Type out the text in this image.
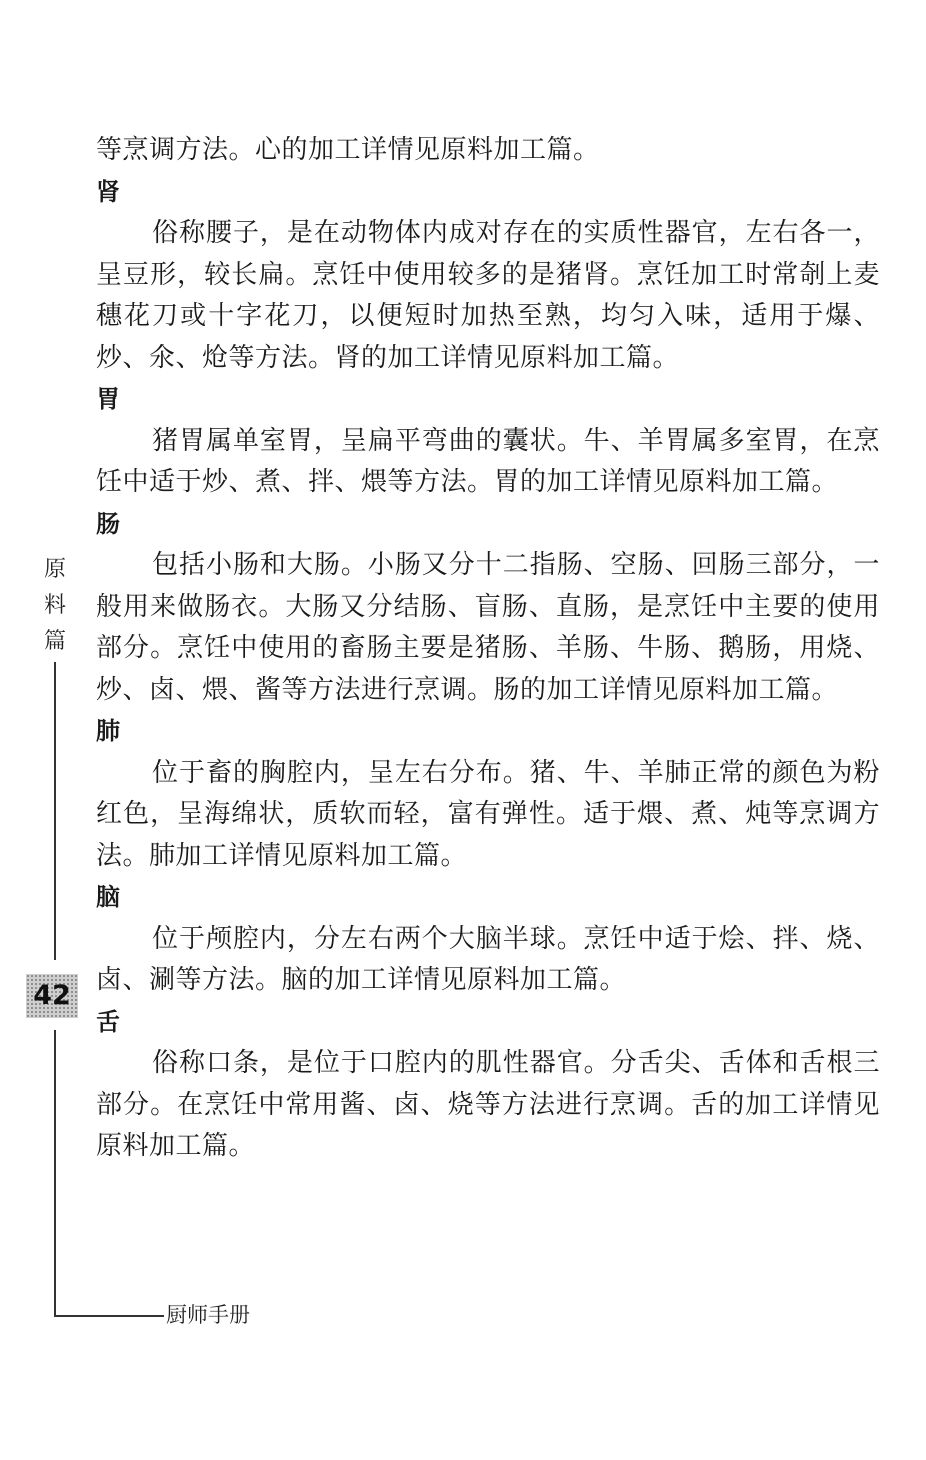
等烹调方法。心的加工详情见原料加工篇。

肾

俗称腰子，是在动物体内成对存在的实质性器官，左右各一，呈豆形，较长扁。烹饪中使用较多的是猪肾。烹饪加工时常剞上麦穗花刀或十字花刀，以便短时加热至熟，均匀入味，适用于爆、炒、氽、炝等方法。肾的加工详情见原料加工篇。

胃

猪胃属单室胃，呈扁平弯曲的囊状。牛、羊胃属多室胃，在烹饪中适于炒、煮、拌、煨等方法。胃的加工详情见原料加工篇。

肠

包括小肠和大肠。小肠又分十二指肠、空肠、回肠三部分，一般用来做肠衣。大肠又分结肠、盲肠、直肠，是烹饪中主要的使用部分。烹饪中使用的畜肠主要是猪肠、羊肠、牛肠、鹅肠，用烧、炒、卤、煨、酱等方法进行烹调。肠的加工详情见原料加工篇。

肺

位于畜的胸腔内，呈左右分布。猪、牛、羊肺正常的颜色为粉红色，呈海绵状，质软而轻，富有弹性。适于煨、煮、炖等烹调方法。肺加工详情见原料加工篇。

脑

位于颅腔内，分左右两个大脑半球。烹饪中适于烩、拌、烧、卤、涮等方法。脑的加工详情见原料加工篇。

舌

俗称口条，是位于口腔内的肌性器官。分舌尖、舌体和舌根三部分。在烹饪中常用酱、卤、烧等方法进行烹调。舌的加工详情见原料加工篇。

原
料
篇
42
厨师手册
